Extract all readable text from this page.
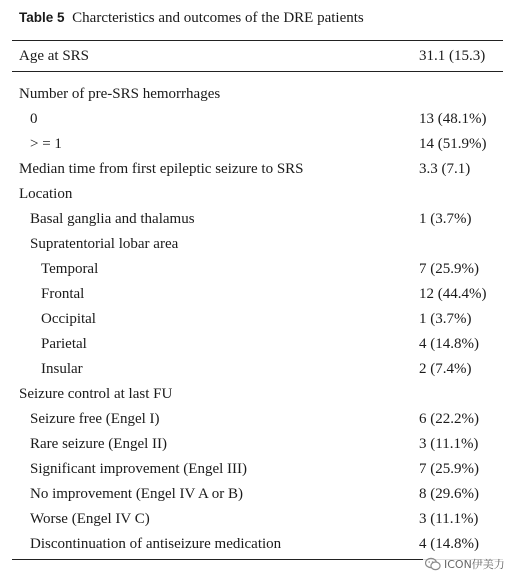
Table 5 Charcteristics and outcomes of the DRE patients
Age at SRS	31.1 (15.3)
Number of pre-SRS hemorrhages
0	13 (48.1%)
> = 1	14 (51.9%)
Median time from first epileptic seizure to SRS	3.3 (7.1)
Location
Basal ganglia and thalamus	1 (3.7%)
Supratentorial lobar area
Temporal	7 (25.9%)
Frontal	12 (44.4%)
Occipital	1 (3.7%)
Parietal	4 (14.8%)
Insular	2 (7.4%)
Seizure control at last FU
Seizure free (Engel I)	6 (22.2%)
Rare seizure (Engel II)	3 (11.1%)
Significant improvement (Engel III)	7 (25.9%)
No improvement (Engel IV A or B)	8 (29.6%)
Worse (Engel IV C)	3 (11.1%)
Discontinuation of antiseizure medication	4 (14.8%)
ICON伊美力
